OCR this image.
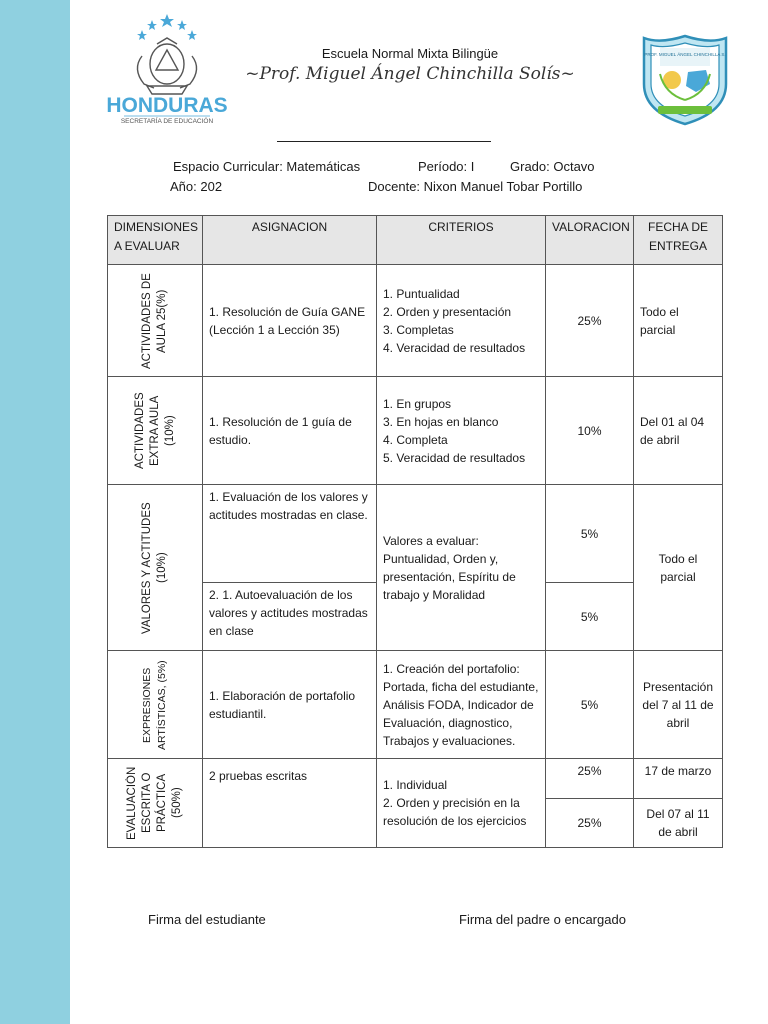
HONDURAS
SECRETARÍA DE EDUCACIÓN
Escuela Normal Mixta Bilingüe
~Prof. Miguel Ángel Chinchilla Solís~
PROF. MIGUEL ÁNGEL CHINCHILLA S.
Espacio Curricular: Matemáticas	Período: I	Grado: Octavo
Año: 202	Docente: Nixon Manuel Tobar Portillo
DIMENSIONES A EVALUAR	ASIGNACION	CRITERIOS	VALORACION	FECHA DE ENTREGA

ACTIVIDADES DE AULA 25(%)	1. Resolución de Guía GANE (Lección 1 a Lección 35)	1. Puntualidad
2. Orden y presentación
3. Completas
4. Veracidad de resultados	25%	Todo el parcial

ACTIVIDADES EXTRA AULA (10%)	1. Resolución de 1 guía de estudio.	1. En grupos
3. En hojas en blanco
4. Completa
5. Veracidad de resultados	10%	Del 01 al 04 de abril

VALORES Y ACTITUDES (10%)	1. Evaluación de los valores y actitudes mostradas en clase.	Valores a evaluar: Puntualidad, Orden y, presentación, Espíritu de trabajo y Moralidad	5%	Todo el parcial

	2. 1. Autoevaluación de los valores y actitudes mostradas en clase		5%	

EXPRESIONES ARTÍSTICAS, (5%)	1. Elaboración de portafolio estudiantil.	1. Creación del portafolio:
Portada, ficha del estudiante, Análisis FODA, Indicador de Evaluación, diagnostico, Trabajos y evaluaciones.	5%	Presentación del 7 al 11 de abril

EVALUACIÓN ESCRITA O PRÁCTICA (50%)	2 pruebas escritas	1. Individual
2. Orden y precisión en la resolución de los ejercicios	25%	17 de marzo

			25%	Del 07 al 11 de abril
Firma del estudiante	Firma del padre o encargado
